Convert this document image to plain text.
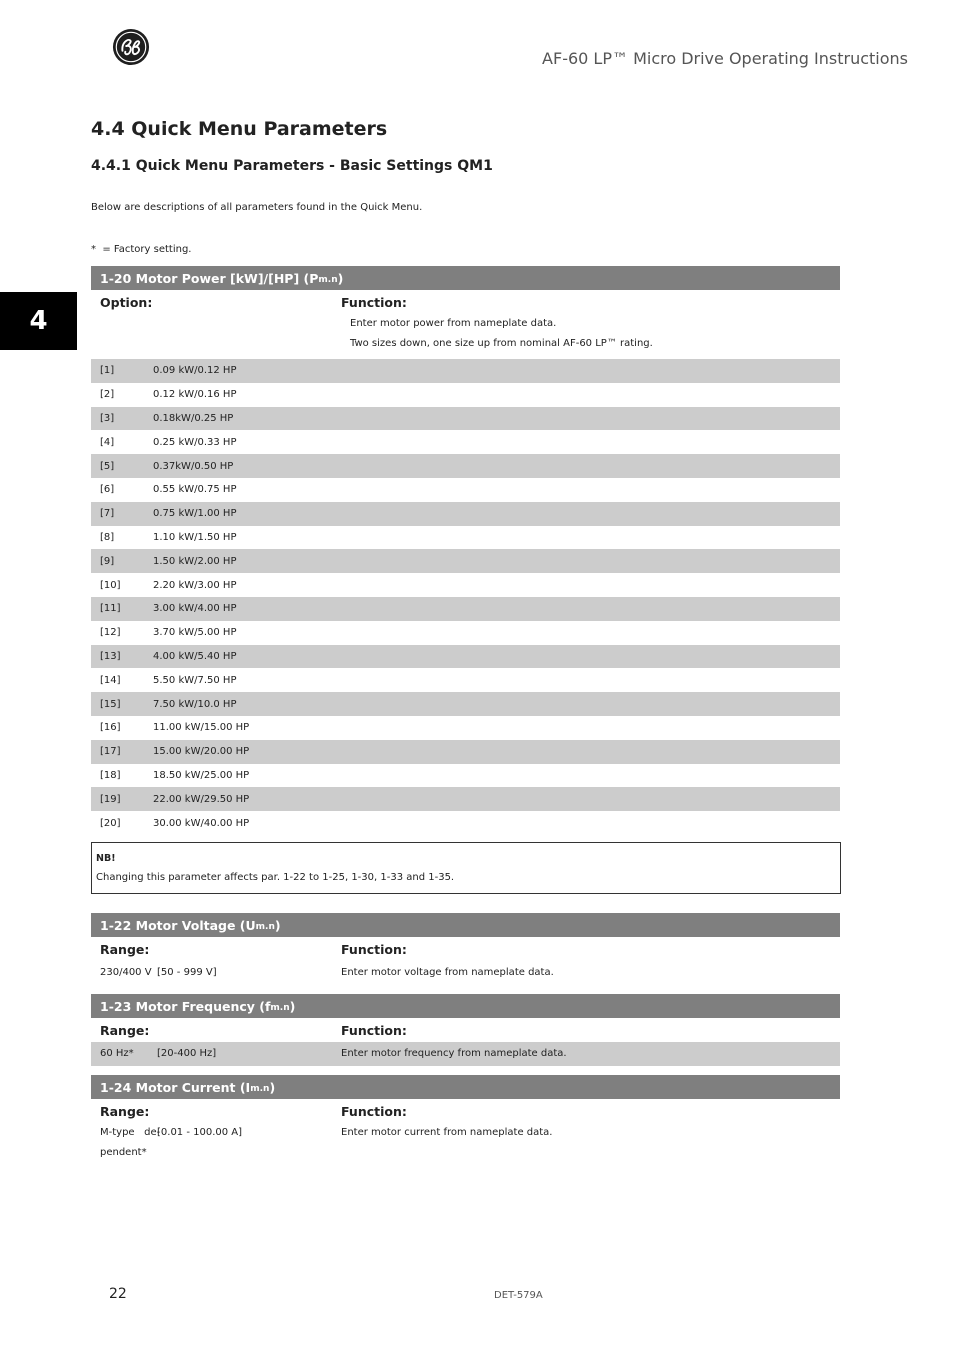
AF-60 LP™ Micro Drive Operating Instructions
4
4.4 Quick Menu Parameters
4.4.1 Quick Menu Parameters - Basic Settings QM1

Below are descriptions of all parameters found in the Quick Menu.

* = Factory setting.

1-20 Motor Power [kW]/[HP] ($P_{m.n}$ )
Option:	Function:
Enter motor power from nameplate data.
Two sizes down, one size up from nominal AF-60 LP™ rating.
[1]	0.09 kW/0.12 HP
[2]	0.12 kW/0.16 HP
[3]	0.18kW/0.25 HP
[4]	0.25 kW/0.33 HP
[5]	0.37kW/0.50 HP
[6]	0.55 kW/0.75 HP
[7]	0.75 kW/1.00 HP
[8]	1.10 kW/1.50 HP
[9]	1.50 kW/2.00 HP
[10]	2.20 kW/3.00 HP
[11]	3.00 kW/4.00 HP
[12]	3.70 kW/5.00 HP
[13]	4.00 kW/5.40 HP
[14]	5.50 kW/7.50 HP
[15]	7.50 kW/10.0 HP
[16]	11.00 kW/15.00 HP
[17]	15.00 kW/20.00 HP
[18]	18.50 kW/25.00 HP
[19]	22.00 kW/29.50 HP
[20]	30.00 kW/40.00 HP
NB!
Changing this parameter affects par. 1-22 to 1-25, 1-30, 1-33 and 1-35.
1-22 Motor Voltage (U $_{m.n}$ )
Range:	Function:
230/400 V [50 - 999 V]	Enter motor voltage from nameplate data.
1-23 Motor Frequency (f $_{m.n}$ )
Range:	Function:
60 Hz*	[20-400 Hz]	Enter motor frequency from nameplate data.
1-24 Motor Current (I $_{m.n}$ )
Range:	Function:
M-type   de-
pendent*
[0.01 - 100.00 A]	Enter motor current from nameplate data.
22	DET-579A
